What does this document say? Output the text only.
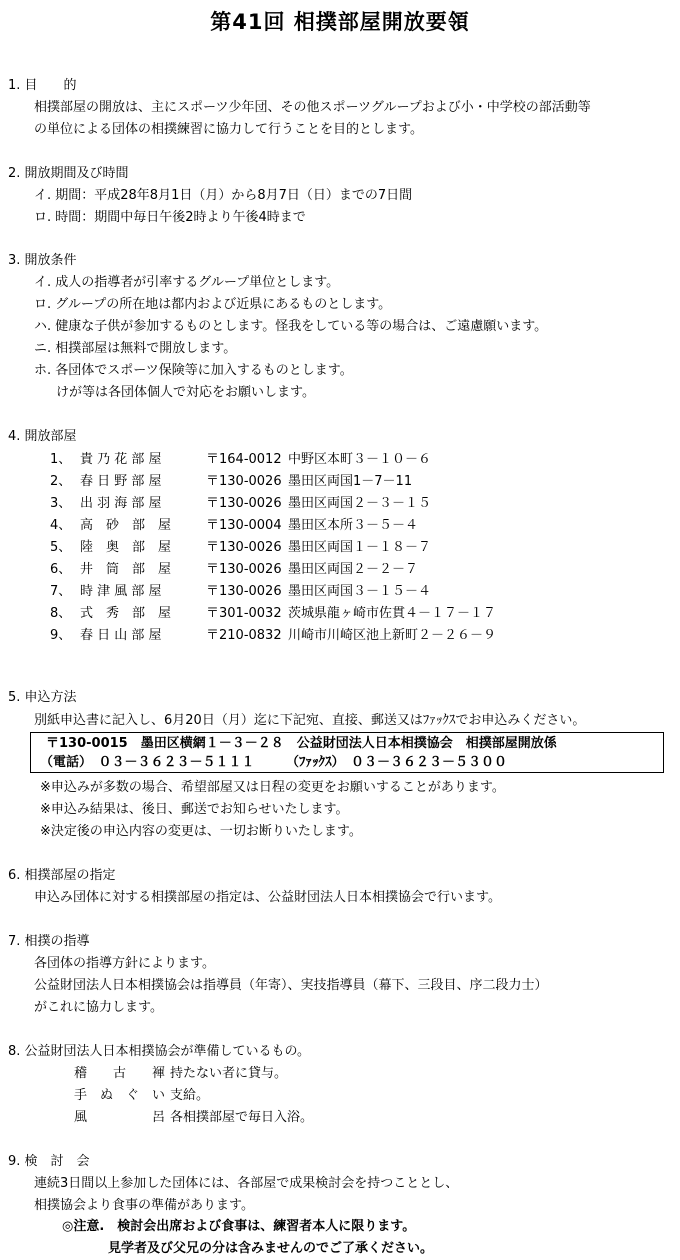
第41回 相撲部屋開放要領
1. 目　　的
相撲部屋の開放は、主にスポーツ少年団、その他スポーツグループおよび小・中学校の部活動等
の単位による団体の相撲練習に協力して行うことを目的とします。
2. 開放期間及び時間
イ. 期間：平成28年8月1日（月）から8月7日（日）までの7日間
ロ. 時間：期間中毎日午後2時より午後4時まで
3. 開放条件
イ. 成人の指導者が引率するグループ単位とします。
ロ. グループの所在地は都内および近県にあるものとします。
ハ. 健康な子供が参加するものとします。怪我をしている等の場合は、ご遠慮願います。
ニ. 相撲部屋は無料で開放します。
ホ. 各団体でスポーツ保険等に加入するものとします。
けが等は各団体個人で対応をお願いします。
4. 開放部屋
1、 貴 乃 花 部 屋	〒164-0012 中野区本町３－１０－６
2、 春 日 野 部 屋	〒130-0026 墨田区両国1－7－11
3、 出 羽 海 部 屋	〒130-0026 墨田区両国２－３－１５
4、 高　砂　部　屋	〒130-0004 墨田区本所３－５－４
5、 陸　奥　部　屋	〒130-0026 墨田区両国１－１８－７
6、 井　筒　部　屋	〒130-0026 墨田区両国２－２－７
7、 時 津 風 部 屋	〒130-0026 墨田区両国３－１５－４
8、 式　秀　部　屋	〒301-0032 茨城県龍ヶ崎市佐貫４－１７－１７
9、 春 日 山 部 屋	〒210-0832 川崎市川崎区池上新町２－２６－９
5. 申込方法
別紙申込書に記入し、6月20日（月）迄に下記宛、直接、郵送又はﾌｧｯｸｽでお申込みください。
〒130-0015　墨田区横網１－３－２８　公益財団法人日本相撲協会　相撲部屋開放係
（電話）　０３－３６２３－５１１１ （ﾌｧｯｸｽ）　０３－３６２３－５３００
※申込みが多数の場合、希望部屋又は日程の変更をお願いすることがあります。
※申込み結果は、後日、郵送でお知らせいたします。
※決定後の申込内容の変更は、一切お断りいたします。
6. 相撲部屋の指定
申込み団体に対する相撲部屋の指定は、公益財団法人日本相撲協会で行います。
7. 相撲の指導
各団体の指導方針によります。
公益財団法人日本相撲協会は指導員（年寄）、実技指導員（幕下、三段目、序二段力士）
がこれに協力します。
8. 公益財団法人日本相撲協会が準備しているもの。
稽　　古　　褌 持たない者に貸与。
手　ぬ　ぐ　い 支給。
風　　　　　呂 各相撲部屋で毎日入浴。
9. 検　討　会
連続3日間以上参加した団体には、各部屋で成果検討会を持つこととし、
相撲協会より食事の準備があります。
◎注意.　検討会出席および食事は、練習者本人に限ります。
見学者及び父兄の分は含みませんのでご了承ください。
